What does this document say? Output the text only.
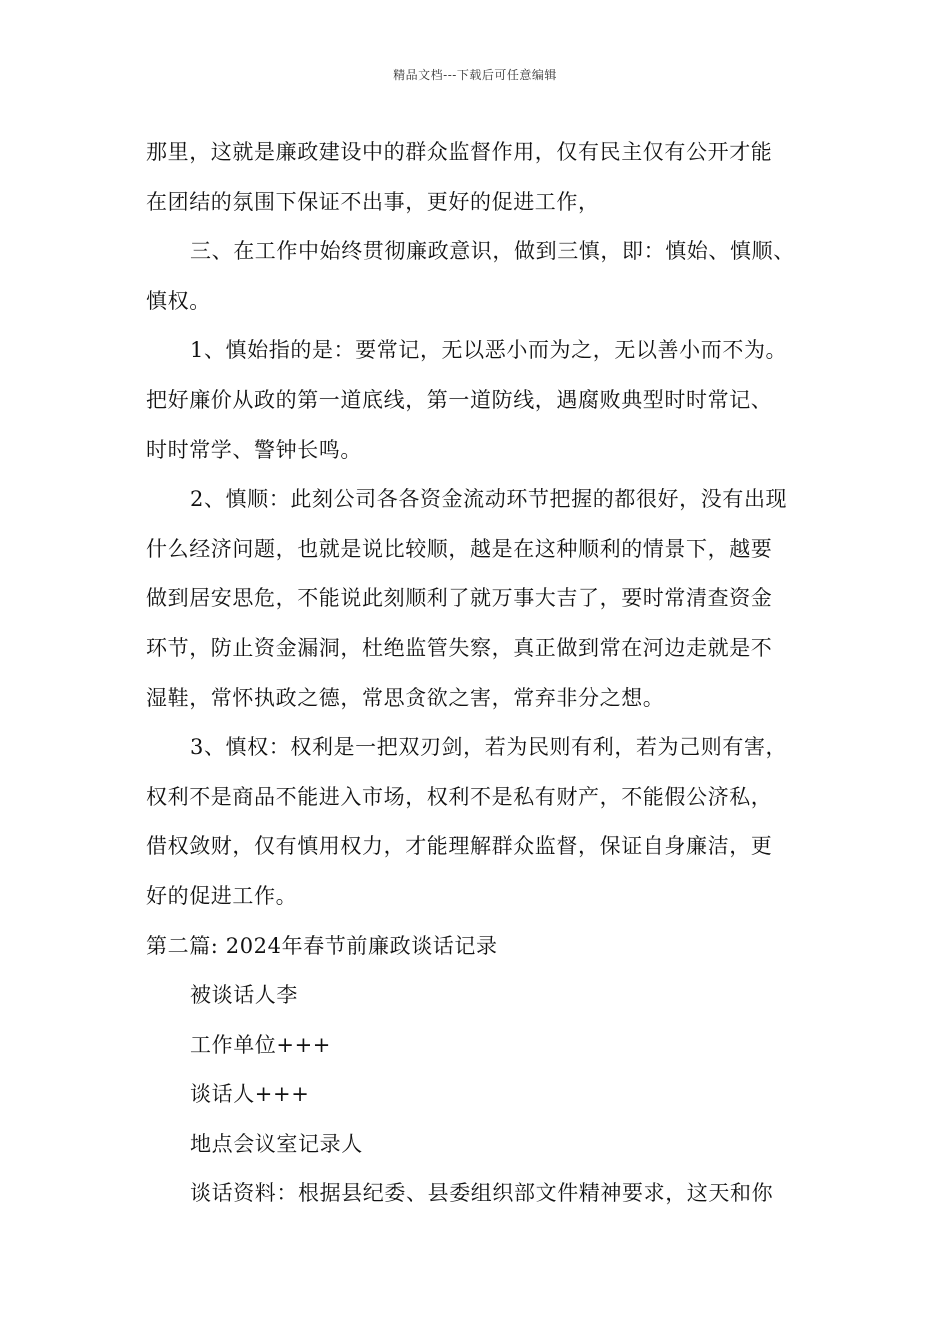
精品文档---下载后可任意编辑
那里，这就是廉政建设中的群众监督作用，仅有民主仅有公开才能
在团结的氛围下保证不出事，更好的促进工作，
三、在工作中始终贯彻廉政意识，做到三慎，即：慎始、慎顺、
慎权。
1、慎始指的是：要常记，无以恶小而为之，无以善小而不为。
把好廉价从政的第一道底线，第一道防线，遇腐败典型时时常记、
时时常学、警钟长鸣。
2、慎顺：此刻公司各各资金流动环节把握的都很好，没有出现
什么经济问题，也就是说比较顺，越是在这种顺利的情景下，越要
做到居安思危，不能说此刻顺利了就万事大吉了，要时常清查资金
环节，防止资金漏洞，杜绝监管失察，真正做到常在河边走就是不
湿鞋，常怀执政之德，常思贪欲之害，常弃非分之想。
3、慎权：权利是一把双刃剑，若为民则有利，若为己则有害，
权利不是商品不能进入市场，权利不是私有财产，不能假公济私，
借权敛财，仅有慎用权力，才能理解群众监督，保证自身廉洁，更
好的促进工作。
第二篇: 2024年春节前廉政谈话记录
被谈话人李
工作单位+++
谈话人+++
地点会议室记录人
谈话资料：根据县纪委、县委组织部文件精神要求，这天和你
